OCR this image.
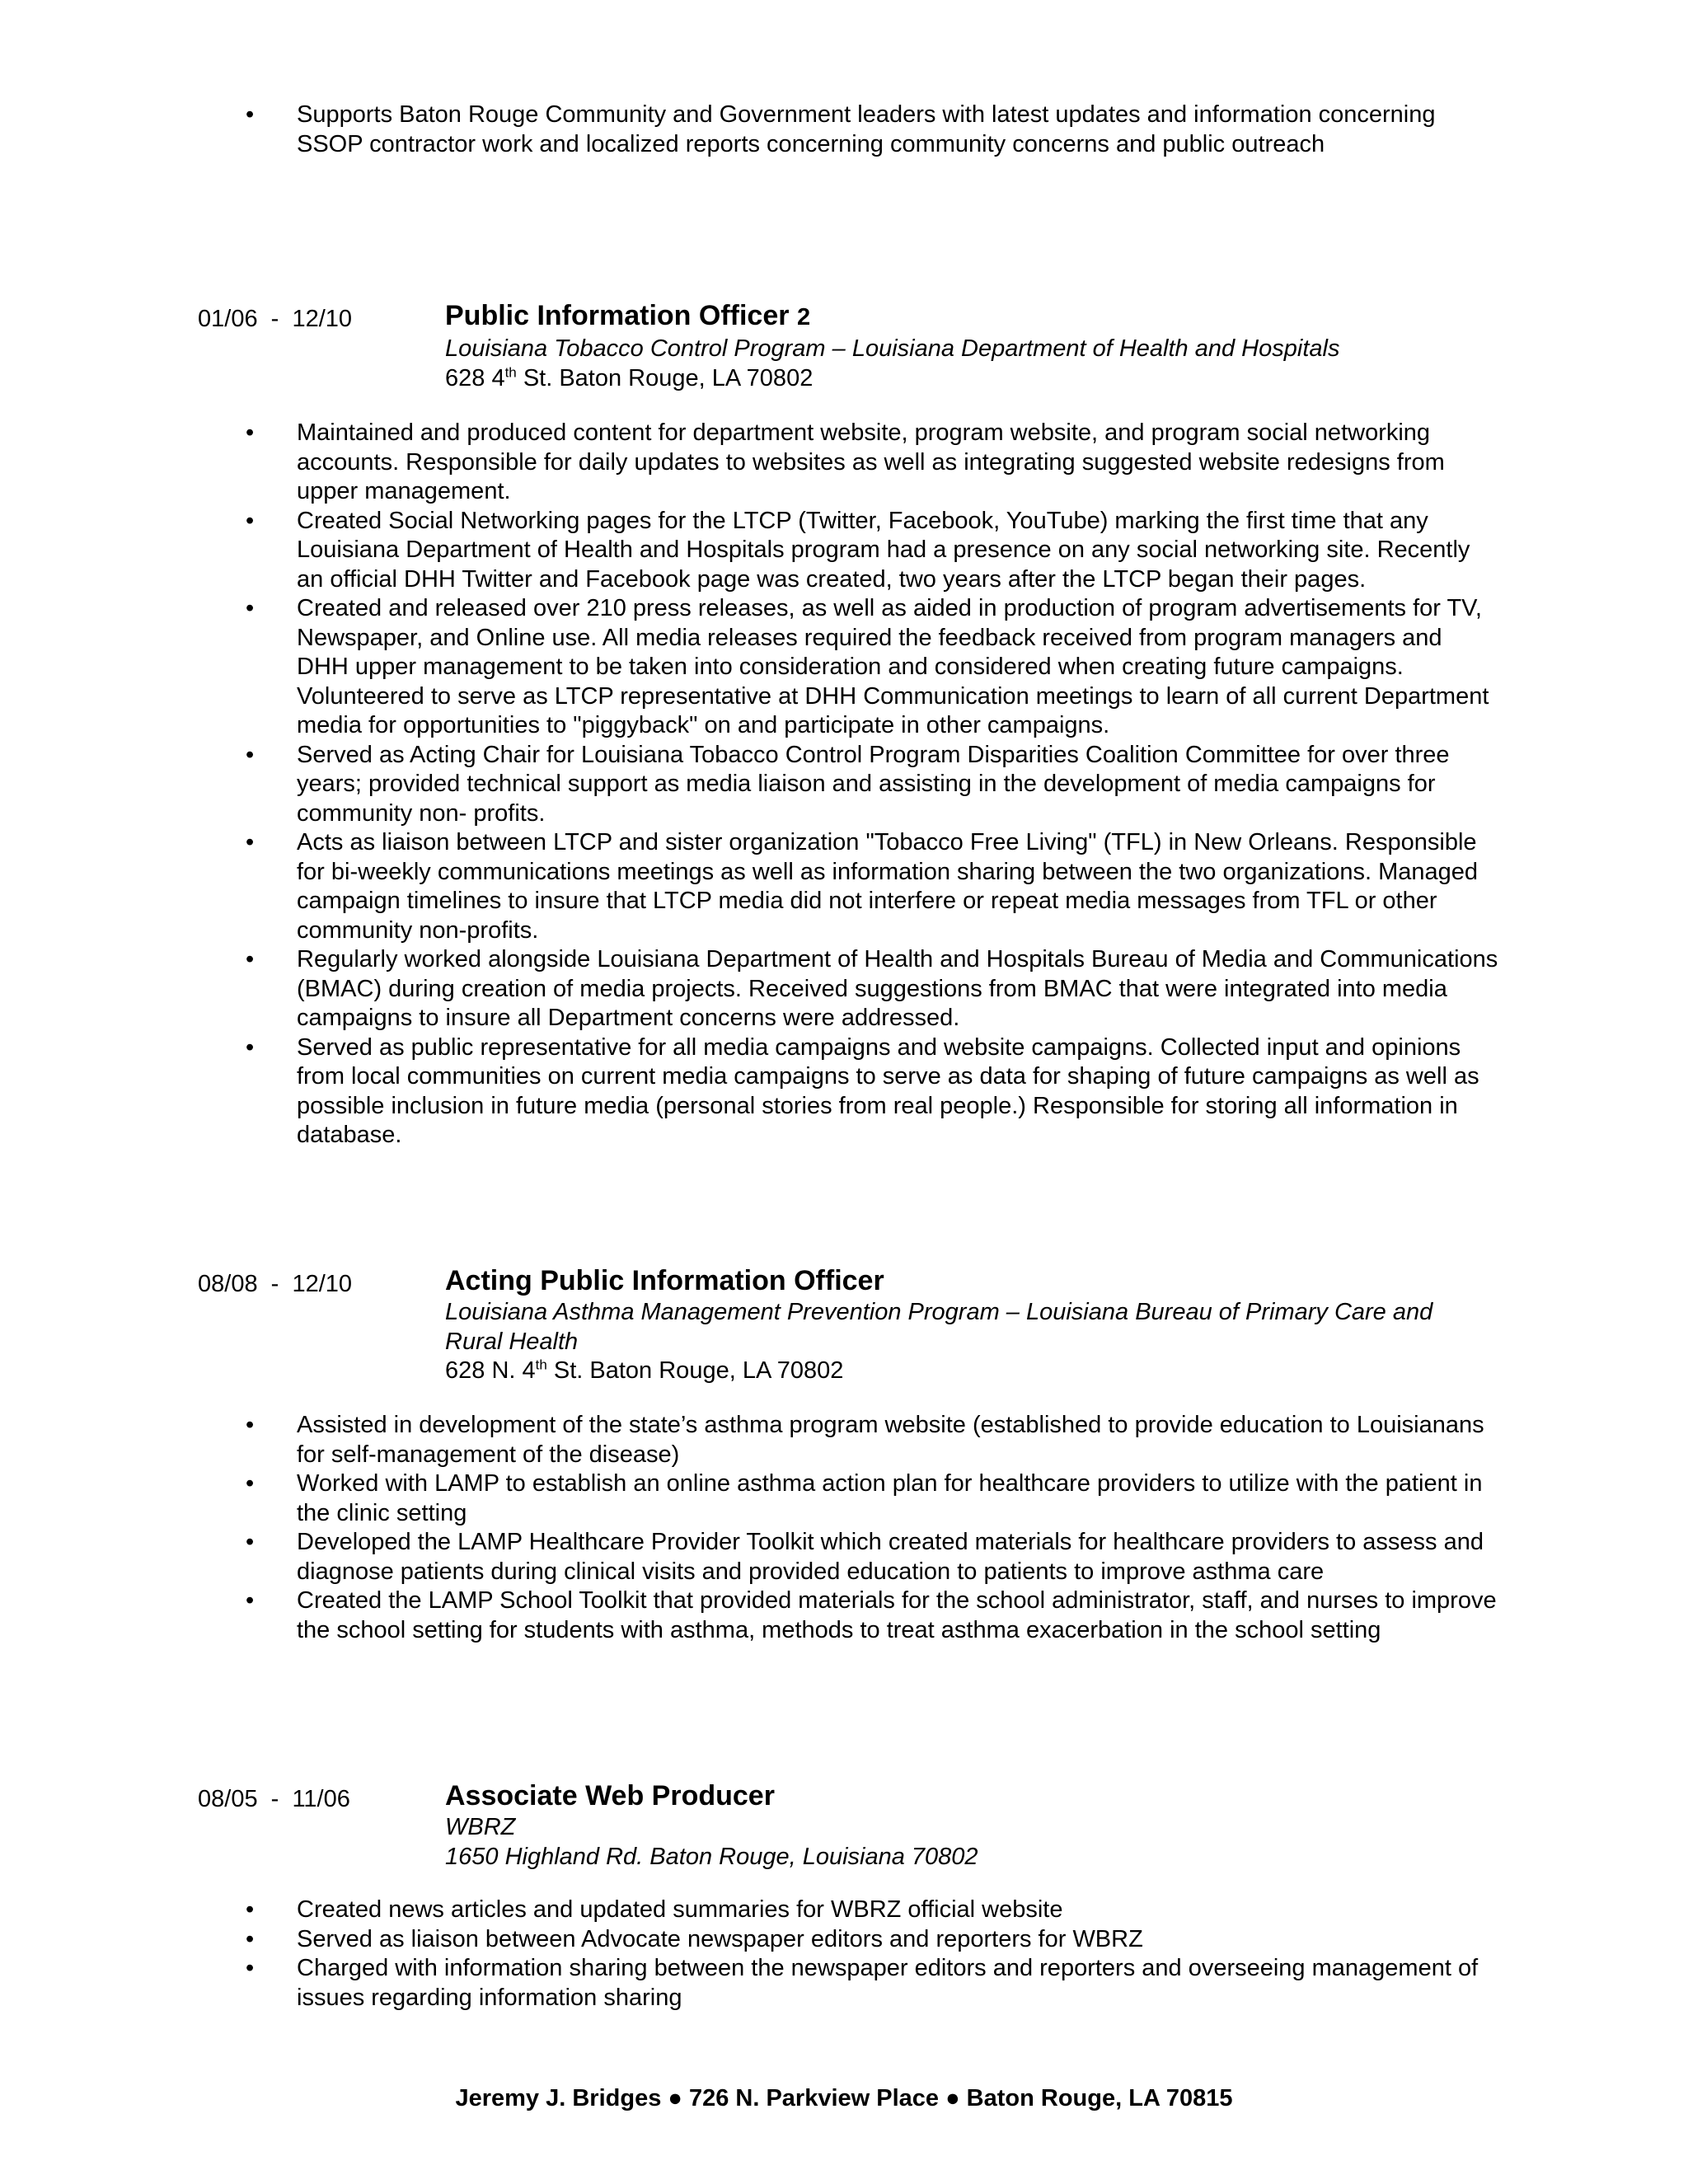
• Supports Baton Rouge Community and Government leaders with latest updates and information concerning SSOP contractor work and localized reports concerning community concerns and public outreach
01/06  -  12/10	Public Information Officer 2
Louisiana Tobacco Control Program – Louisiana Department of Health and Hospitals
628 4th St. Baton Rouge, LA 70802
• Maintained and produced content for department website, program website, and program social networking accounts. Responsible for daily updates to websites as well as integrating suggested website redesigns from upper management.
• Created Social Networking pages for the LTCP (Twitter, Facebook, YouTube) marking the first time that any Louisiana Department of Health and Hospitals program had a presence on any social networking site. Recently an official DHH Twitter and Facebook page was created, two years after the LTCP began their pages.
• Created and released over 210 press releases, as well as aided in production of program advertisements for TV, Newspaper, and Online use. All media releases required the feedback received from program managers and DHH upper management to be taken into consideration and considered when creating future campaigns. Volunteered to serve as LTCP representative at DHH Communication meetings to learn of all current Department media for opportunities to "piggyback" on and participate in other campaigns.
• Served as Acting Chair for Louisiana Tobacco Control Program Disparities Coalition Committee for over three years; provided technical support as media liaison and assisting in the development of media campaigns for community non- profits.
• Acts as liaison between LTCP and sister organization "Tobacco Free Living" (TFL) in New Orleans. Responsible for bi-weekly communications meetings as well as information sharing between the two organizations. Managed campaign timelines to insure that LTCP media did not interfere or repeat media messages from TFL or other community non-profits.
• Regularly worked alongside Louisiana Department of Health and Hospitals Bureau of Media and Communications (BMAC) during creation of media projects. Received suggestions from BMAC that were integrated into media campaigns to insure all Department concerns were addressed.
• Served as public representative for all media campaigns and website campaigns. Collected input and opinions from local communities on current media campaigns to serve as data for shaping of future campaigns as well as possible inclusion in future media (personal stories from real people.) Responsible for storing all information in database.
08/08  -  12/10	Acting Public Information Officer
Louisiana Asthma Management Prevention Program – Louisiana Bureau of Primary Care and Rural Health
628 N. 4th St. Baton Rouge, LA 70802
• Assisted in development of the state’s asthma program website (established to provide education to Louisianans for self-management of the disease)
• Worked with LAMP to establish an online asthma action plan for healthcare providers to utilize with the patient in the clinic setting
• Developed the LAMP Healthcare Provider Toolkit which created materials for healthcare providers to assess and diagnose patients during clinical visits and provided education to patients to improve asthma care
• Created the LAMP School Toolkit that provided materials for the school administrator, staff, and nurses to improve the school setting for students with asthma, methods to treat asthma exacerbation in the school setting
08/05  -  11/06	Associate Web Producer
WBRZ
1650 Highland Rd. Baton Rouge, Louisiana 70802
• Created news articles and updated summaries for WBRZ official website
• Served as liaison between Advocate newspaper editors and reporters for WBRZ
• Charged with information sharing between the newspaper editors and reporters and overseeing management of issues regarding information sharing
Jeremy J. Bridges ● 726 N. Parkview Place ● Baton Rouge, LA 70815
